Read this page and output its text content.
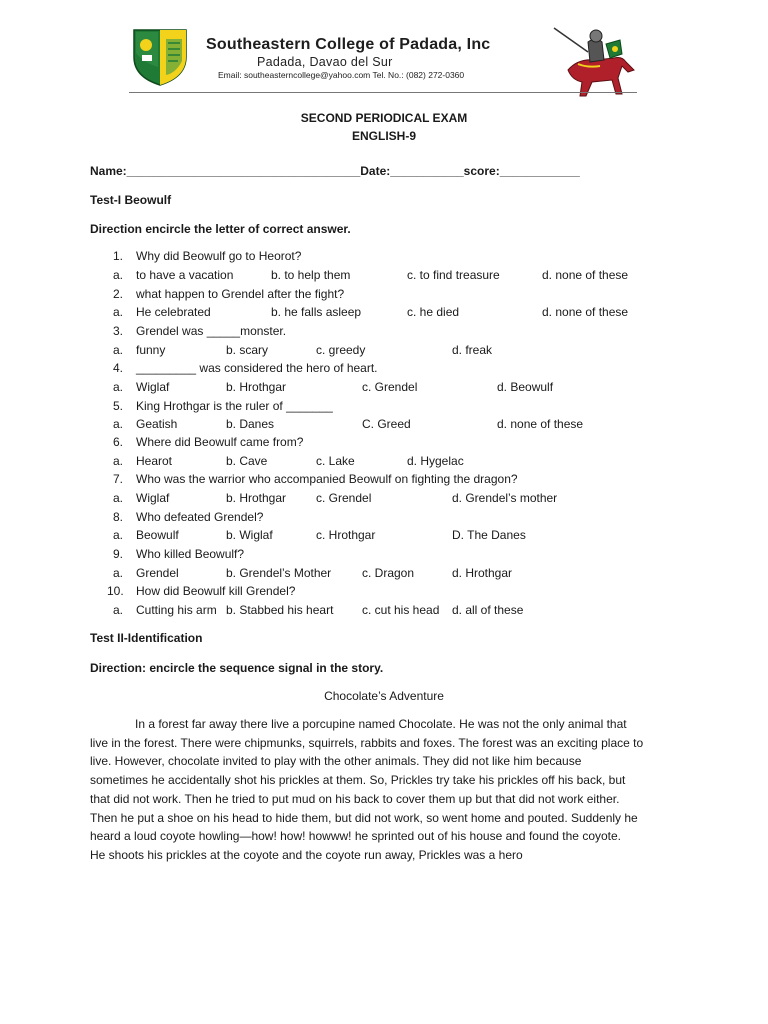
Southeastern College of Padada, Inc
Padada, Davao del Sur
Email: southeasterncollege@yahoo.com Tel. No.: (082) 272-0360
SECOND PERIODICAL EXAM
ENGLISH-9
Name:___________________________________Date:___________score:____________
Test-I Beowulf
Direction encircle the letter of correct answer.
1. Why did Beowulf go to Heorot?
a. to have a vacation	b. to help them	c. to find treasure	d. none of these
2. what happen to Grendel after the fight?
a. He celebrated	b. he falls asleep	c. he died	d. none of these
3. Grendel was _____monster.
a. funny	b. scary	c. greedy	d. freak
4. _________ was considered the hero of heart.
a. Wiglaf	b. Hrothgar	c. Grendel	d. Beowulf
5. King Hrothgar is the ruler of _______
a. Geatish	b. Danes	C. Greed	d. none of these
6. Where did Beowulf came from?
a. Hearot	b. Cave	c. Lake	d. Hygelac
7. Who was the warrior who accompanied Beowulf on fighting the dragon?
a. Wiglaf	b. Hrothgar c. Grendel	d. Grendel’s mother
8. Who defeated Grendel?
a. Beowulf	b. Wiglaf	c. Hrothgar	D. The Danes
9. Who killed Beowulf?
a. Grendel	b. Grendel’s Mother	c. Dragon	d. Hrothgar
10. How did Beowulf kill Grendel?
a. Cutting his arm b. Stabbed his heart c. cut his head d. all of these
Test II-Identification
Direction: encircle the sequence signal in the story.
Chocolate’s Adventure
In a forest far away there live a porcupine named Chocolate. He was not the only animal that
live in the forest. There were chipmunks, squirrels, rabbits and foxes. The forest was an exciting place to
live. However, chocolate invited to play with the other animals. They did not like him because
sometimes he accidentally shot his prickles at them. So, Prickles try take his prickles off his back, but
that did not work. Then he tried to put mud on his back to cover them up but that did not work either.
Then he put a shoe on his head to hide them, but did not work, so went home and pouted. Suddenly he
heard a loud coyote howling—how! how! howww! he sprinted out of his house and found the coyote.
He shoots his prickles at the coyote and the coyote run away, Prickles was a hero
